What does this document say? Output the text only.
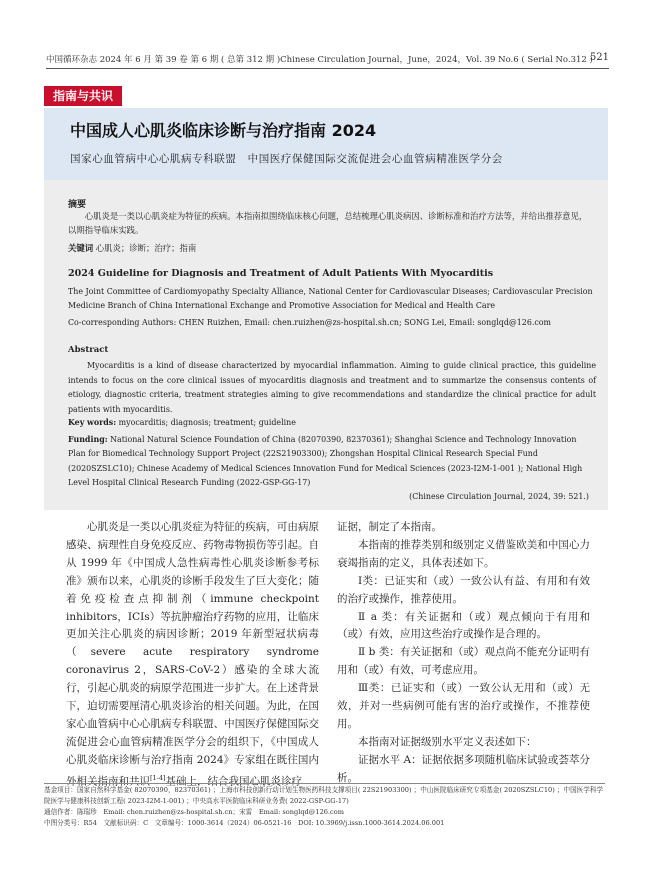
中国循环杂志 2024 年 6 月 第 39 卷 第 6 期 ( 总第 312 期 )Chinese Circulation Journal，June，2024，Vol. 39 No.6 ( Serial No.312 )
521
指南与共识
中国成人心肌炎临床诊断与治疗指南 2024
国家心血管病中心心肌病专科联盟　中国医疗保健国际交流促进会心血管病精准医学分会
摘要
心肌炎是一类以心肌炎症为特征的疾病。本指南拟围绕临床核心问题，总结梳理心肌炎病因、诊断标准和治疗方法等，并给出推荐意见，以期指导临床实践。
关键词 心肌炎；诊断；治疗；指南
2024 Guideline for Diagnosis and Treatment of Adult Patients With Myocarditis
The Joint Committee of Cardiomyopathy Specialty Alliance, National Center for Cardiovascular Diseases; Cardiovascular Precision Medicine Branch of China International Exchange and Promotive Association for Medical and Health Care
Co-corresponding Authors: CHEN Ruizhen, Email: chen.ruizhen@zs-hospital.sh.cn; SONG Lei, Email: songlqd@126.com
Abstract
Myocarditis is a kind of disease characterized by myocardial inflammation. Aiming to guide clinical practice, this guideline intends to focus on the core clinical issues of myocarditis diagnosis and treatment and to summarize the consensus contents of etiology, diagnostic criteria, treatment strategies aiming to give recommendations and standardize the clinical practice for adult patients with myocarditis.
Key words: myocarditis; diagnosis; treatment; guideline
Funding: National Natural Science Foundation of China (82070390, 82370361); Shanghai Science and Technology Innovation Plan for Biomedical Technology Support Project (22S21903300); Zhongshan Hospital Clinical Research Special Fund (2020SZSLC10); Chinese Academy of Medical Sciences Innovation Fund for Medical Sciences (2023-I2M-1-001 ); National High Level Hospital Clinical Research Funding (2022-GSP-GG-17)
(Chinese Circulation Journal, 2024, 39: 521.)

心肌炎是一类以心肌炎症为特征的疾病，可由病原感染、病理性自身免疫反应、药物毒物损伤等引起。自从 1999 年《中国成人急性病毒性心肌炎诊断参考标准》颁布以来，心肌炎的诊断手段发生了巨大变化；随着免疫检查点抑制剂（immune checkpoint inhibitors，ICIs）等抗肿瘤治疗药物的应用，让临床更加关注心肌炎的病因诊断；2019 年新型冠状病毒（severe acute respiratory syndrome coronavirus 2，SARS-CoV-2）感染的全球大流行，引起心肌炎的病原学范围进一步扩大。在上述背景下，迫切需要厘清心肌炎诊治的相关问题。为此，在国家心血管病中心心肌病专科联盟、中国医疗保健国际交流促进会心血管病精准医学分会的组织下，《中国成人心肌炎临床诊断与治疗指南 2024》专家组在既往国内外相关指南和共识[1-4]基础上，结合我国心肌炎诊疗

证据，制定了本指南。

本指南的推荐类别和级别定义借鉴欧美和中国心力衰竭指南的定义，具体表述如下。

Ⅰ类：已证实和（或）一致公认有益、有用和有效的治疗或操作，推荐使用。

Ⅱ a 类：有关证据和（或）观点倾向于有用和（或）有效，应用这些治疗或操作是合理的。

Ⅱ b 类：有关证据和（或）观点尚不能充分证明有用和（或）有效，可考虑应用。

Ⅲ类：已证实和（或）一致公认无用和（或）无效，并对一些病例可能有害的治疗或操作，不推荐使用。

本指南对证据级别水平定义表述如下：

证据水平 A：证据依据多项随机临床试验或荟萃分析。

基金项目：国家自然科学基金( 82070390，82370361) ；上海市科技创新行动计划生物医药科技支撑项目( 22S21903300) ；中山医院临床研究专项基金( 2020SZSLC10) ；中国医学科学院医学与健康科技创新工程( 2023-I2M-1-001) ；中央高水平医院临床科研业务费( 2022-GSP-GG-17)

通信作者：陈瑞珍　Email: chen.ruizhen@zs-hospital.sh.cn；宋雷　Email: songlqd@126.com

中图分类号：R54　文献标识码：C　文章编号：1000-3614（2024）06-0521-16　DOI: 10.3969/j.issn.1000-3614.2024.06.001
